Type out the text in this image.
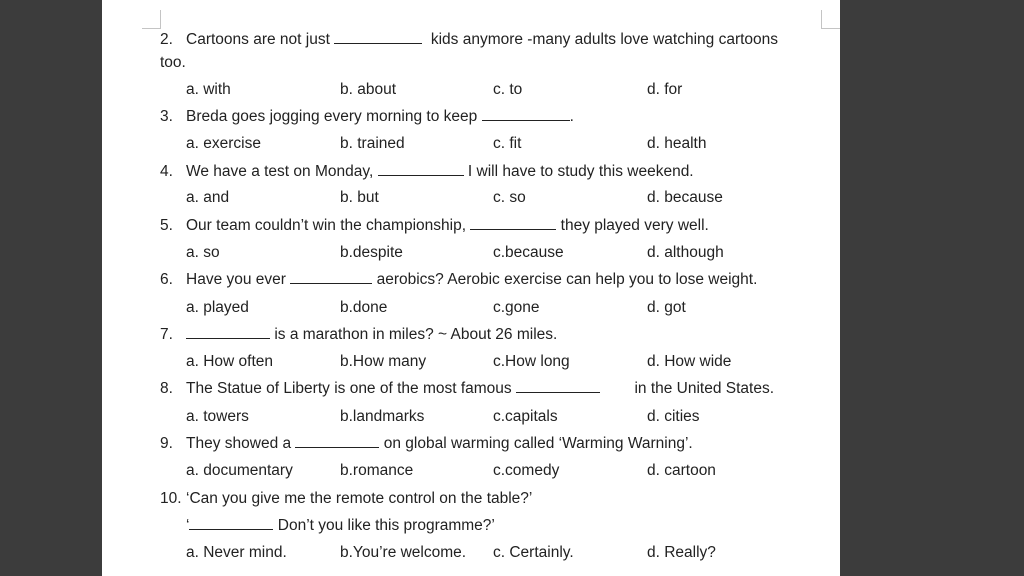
2. Cartoons are not just	kids anymore -many adults love watching cartoons
too.
a. with	b. about	c. to	d. for
3. Breda goes jogging every morning to keep	.
a. exercise	b. trained	c. fit	d. health
4. We have a test on Monday,	I will have to study this weekend.
a. and	b. but	c. so	d. because
5. Our team couldn’t win the championship,	they played very well.
a. so	b.despite	c.because	d. although
6. Have you ever	aerobics? Aerobic exercise can help you to lose weight.
a. played	b.done	c.gone	d. got
7.	is a marathon in miles? ~ About 26 miles.
a. How often	b.How many	c.How long	d. How wide
8. The Statue of Liberty is one of the most famous	in the United States.
a. towers	b.landmarks	c.capitals	d. cities
9. They showed a	on global warming called ‘Warming Warning’.
a. documentary	b.romance	c.comedy	d. cartoon
10. ‘Can you give me the remote control on the table?’
‘	Don’t you like this programme?’
a. Never mind.	b.You’re welcome. c. Certainly.	d. Really?
